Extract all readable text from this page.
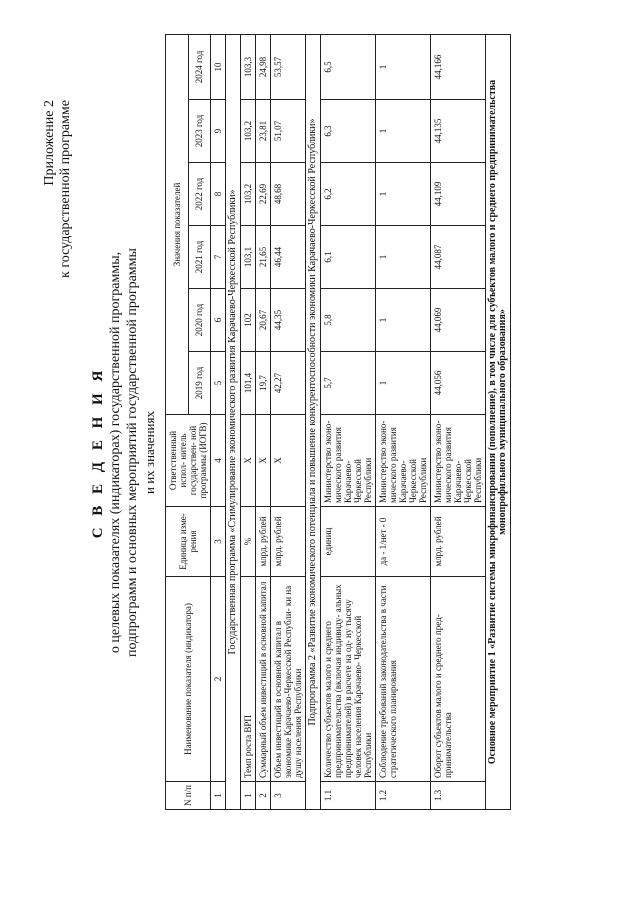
Приложение 2 к государственной программе
С В Е Д Е Н И Я о целевых показателях (индикаторах) государственной программы, подпрограмм и основных мероприятий государственной программы и их значениях
N п/п	Наименование показателя (индикатора)	Единица изме- рения	Ответственный испол- нитель государствен- ной программы (ИОГВ)	Значения показателей					
				2019 год	2020 год	2021 год	2022 год	2023 год	2024 год
1	2	3	4	5	6	7	8	9	10
Государственная программа «Стимулирование экономического развития Карачаево-Черкесской Республики»									
1	Темп роста ВРП	%	Х	101,4	102	103,1	103,2	103,2	103,3
2	Суммарный объем инвестиций в основной капитал	млрд. рублей	Х	19,7	20,67	21,65	22,69	23,81	24,98
3	Объем инвестиций в основной капитал в экономике Карачаево-Черкесской Республи- ки на душу населения Республики	млрд. рублей	Х	42,27	44,35	46,44	48,68	51,07	53,57
Подпрограмма 2 «Развитие экономического потенциала и повышение конкурентоспособности экономики Карачаево-Черкесской Республики»									
1.1	Количество субъектов малого и среднего предпринимательства (включая индивиду- альных предпринимателей) в расчете на од- ну тысячу человек населения Карачаево- Черкесской Республики	единиц	Министерство эконо- мического развития Карачаево-Черкесской Республики	5,7	5,8	6,1	6,2	6,3	6,5
1.2	Соблюдение требований законодательства в части стратегического планирования	да - 1/нет - 0	Министерство эконо- мического развития Карачаево-Черкесской Республики	1	1	1	1	1	1
1.3	Оборот субъектов малого и среднего пред- принимательства	млрд. рублей	Министерство эконо- мического развития Карачаево-Черкесской Республики	44,056	44,069	44,087	44,109	44,135	44,166
Основное мероприятие 1 «Развитие системы микрофинансирования (пополнение), в том числе для субъектов малого и среднего предпринимательства монопрофильного муниципального образования»									
